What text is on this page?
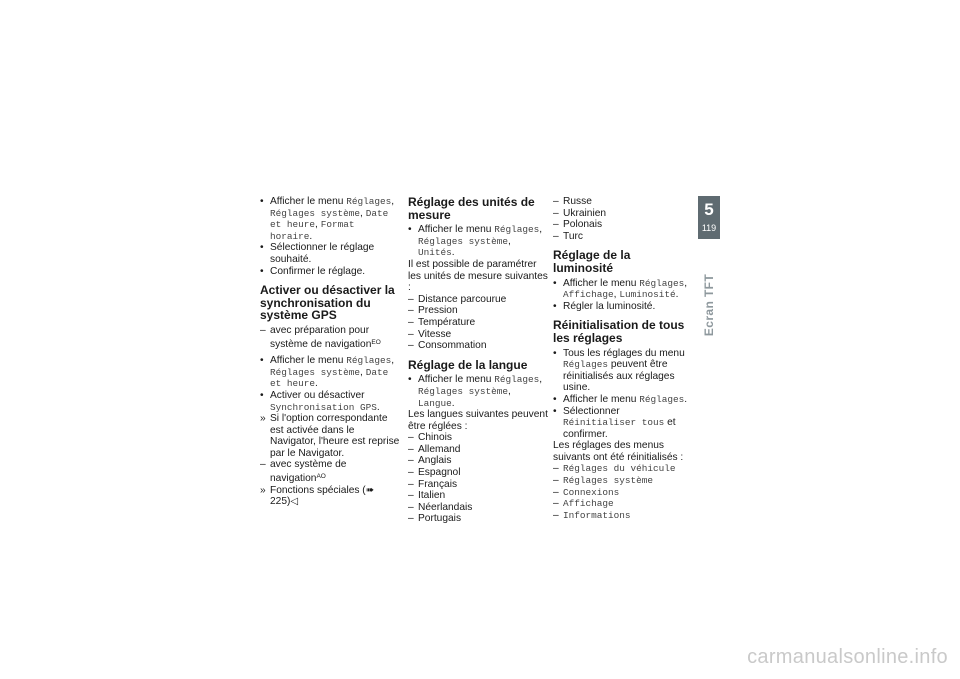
• Afficher le menu Réglages, Réglages système, Date et heure, Format horaire.
• Sélectionner le réglage souhaité.
• Confirmer le réglage.
Activer ou désactiver la synchronisation du système GPS
– avec préparation pour système de navigation$^{EO}$
• Afficher le menu Réglages, Réglages système, Date et heure.
• Activer ou désactiver Synchronisation GPS.
» Si l'option correspondante est activée dans le Navigator, l'heure est reprise par le Navigator.
– avec système de navigation$^{AO}$
» Fonctions spéciales (➠ 225)◁
Réglage des unités de mesure
• Afficher le menu Réglages, Réglages système, Unités.

Il est possible de paramétrer les unités de mesure suivantes :

– Distance parcourue
– Pression
– Température
– Vitesse
– Consommation
Réglage de la langue
• Afficher le menu Réglages, Réglages système, Langue.

Les langues suivantes peuvent être réglées :

– Chinois
– Allemand
– Anglais
– Espagnol
– Français
– Italien
– Néerlandais
– Portugais
– Russe
– Ukrainien
– Polonais
– Turc
Réglage de la luminosité
• Afficher le menu Réglages, Affichage, Luminosité.
• Régler la luminosité.
Réinitialisation de tous les réglages
• Tous les réglages du menu Réglages peuvent être réinitialisés aux réglages usine.
• Afficher le menu Réglages.
• Sélectionner Réinitialiser tous et confirmer.

Les réglages des menus suivants ont été réinitialisés :

– Réglages du véhicule
– Réglages système
– Connexions
– Affichage
– Informations
5
119
Ecran TFT
carmanualsonline.info
